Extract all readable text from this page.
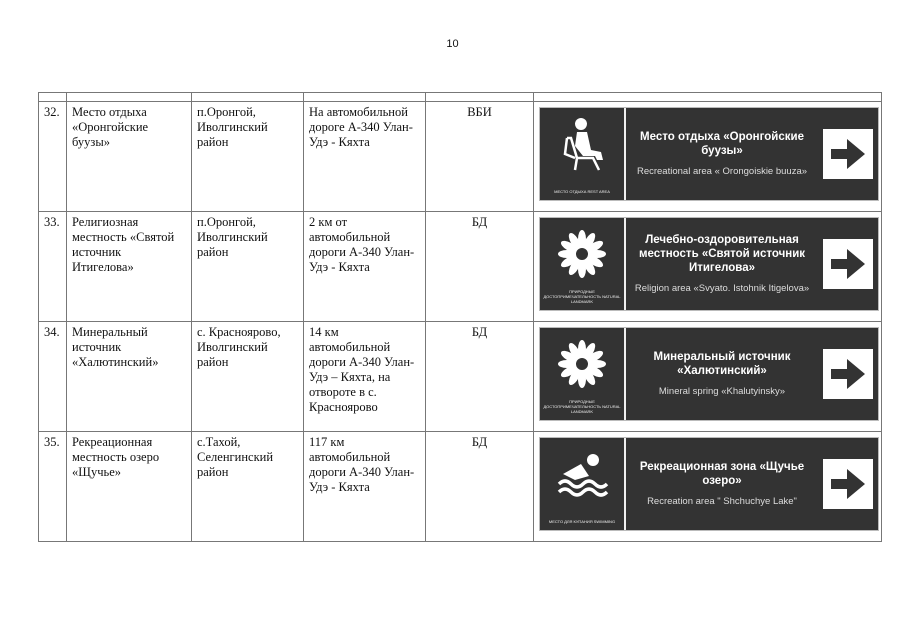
10

32.	Место отдыха «Оронгойские буузы»	п.Оронгой, Иволгинский район	На автомобильной дороге А-340 Улан-Удэ - Кяхта	ВБИ	МЕСТО ОТДЫХА REST AREA
Место отдыха «Оронгойские буузы»
Recreational area « Orongoiskie buuza»

33.	Религиозная местность «Святой источник Итигелова»	п.Оронгой, Иволгинский район	2 км от автомобильной дороги А-340 Улан-Удэ - Кяхта	БД	ПРИРОДНЫЕ ДОСТОПРИМЕЧАТЕЛЬНОСТЬ NATURAL LANDMARK
Лечебно-оздоровительная местность «Святой источник Итигелова»
Religion area «Svyato. Istohnik Itigelova»

34.	Минеральный источник «Халютинский»	с. Красноярово, Иволгинский район	14 км автомобильной дороги А-340 Улан-Удэ – Кяхта, на отвороте в с. Красноярово	БД	ПРИРОДНЫЕ ДОСТОПРИМЕЧАТЕЛЬНОСТЬ NATURAL LANDMARK
Минеральный источник «Халютинский»
Mineral spring «Khalutyinsky»

35.	Рекреационная местность озеро «Щучье»	с.Тахой, Селенгинский район	117 км автомобильной дороги А-340 Улан-Удэ - Кяхта	БД	МЕСТО ДЛЯ КУПАНИЯ SWIMMING
Рекреационная зона «Щучье озеро»
Recreation area " Shchuchye Lake"
